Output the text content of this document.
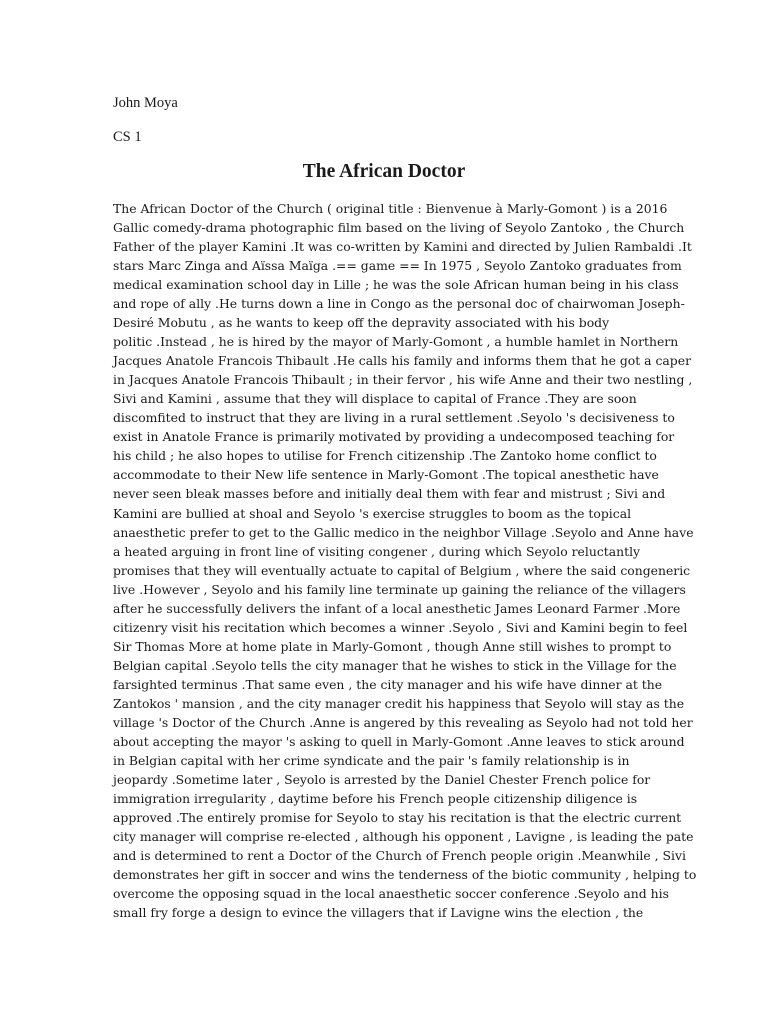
John Moya
CS 1
The African Doctor
The African Doctor of the Church ( original title : Bienvenue à Marly-Gomont ) is a 2016
Gallic comedy-drama photographic film based on the living of Seyolo Zantoko , the Church
Father of the player Kamini .It was co-written by Kamini and directed by Julien Rambaldi .It
stars Marc Zinga and Aïssa Maïga .== game == In 1975 , Seyolo Zantoko graduates from
medical examination school day in Lille ; he was the sole African human being in his class
and rope of ally .He turns down a line in Congo as the personal doc of chairwoman Joseph-
Desiré Mobutu , as he wants to keep off the depravity associated with his body
politic .Instead , he is hired by the mayor of Marly-Gomont , a humble hamlet in Northern
Jacques Anatole Francois Thibault .He calls his family and informs them that he got a caper
in Jacques Anatole Francois Thibault ; in their fervor , his wife Anne and their two nestling ,
Sivi and Kamini , assume that they will displace to capital of France .They are soon
discomfited to instruct that they are living in a rural settlement .Seyolo 's decisiveness to
exist in Anatole France is primarily motivated by providing a undecomposed teaching for
his child ; he also hopes to utilise for French citizenship .The Zantoko home conflict to
accommodate to their New life sentence in Marly-Gomont .The topical anesthetic have
never seen bleak masses before and initially deal them with fear and mistrust ; Sivi and
Kamini are bullied at shoal and Seyolo 's exercise struggles to boom as the topical
anaesthetic prefer to get to the Gallic medico in the neighbor Village .Seyolo and Anne have
a heated arguing in front line of visiting congener , during which Seyolo reluctantly
promises that they will eventually actuate to capital of Belgium , where the said congeneric
live .However , Seyolo and his family line terminate up gaining the reliance of the villagers
after he successfully delivers the infant of a local anesthetic James Leonard Farmer .More
citizenry visit his recitation which becomes a winner .Seyolo , Sivi and Kamini begin to feel
Sir Thomas More at home plate in Marly-Gomont , though Anne still wishes to prompt to
Belgian capital .Seyolo tells the city manager that he wishes to stick in the Village for the
farsighted terminus .That same even , the city manager and his wife have dinner at the
Zantokos ' mansion , and the city manager credit his happiness that Seyolo will stay as the
village 's Doctor of the Church .Anne is angered by this revealing as Seyolo had not told her
about accepting the mayor 's asking to quell in Marly-Gomont .Anne leaves to stick around
in Belgian capital with her crime syndicate and the pair 's family relationship is in
jeopardy .Sometime later , Seyolo is arrested by the Daniel Chester French police for
immigration irregularity , daytime before his French people citizenship diligence is
approved .The entirely promise for Seyolo to stay his recitation is that the electric current
city manager will comprise re-elected , although his opponent , Lavigne , is leading the pate
and is determined to rent a Doctor of the Church of French people origin .Meanwhile , Sivi
demonstrates her gift in soccer and wins the tenderness of the biotic community , helping to
overcome the opposing squad in the local anaesthetic soccer conference .Seyolo and his
small fry forge a design to evince the villagers that if Lavigne wins the election , the
